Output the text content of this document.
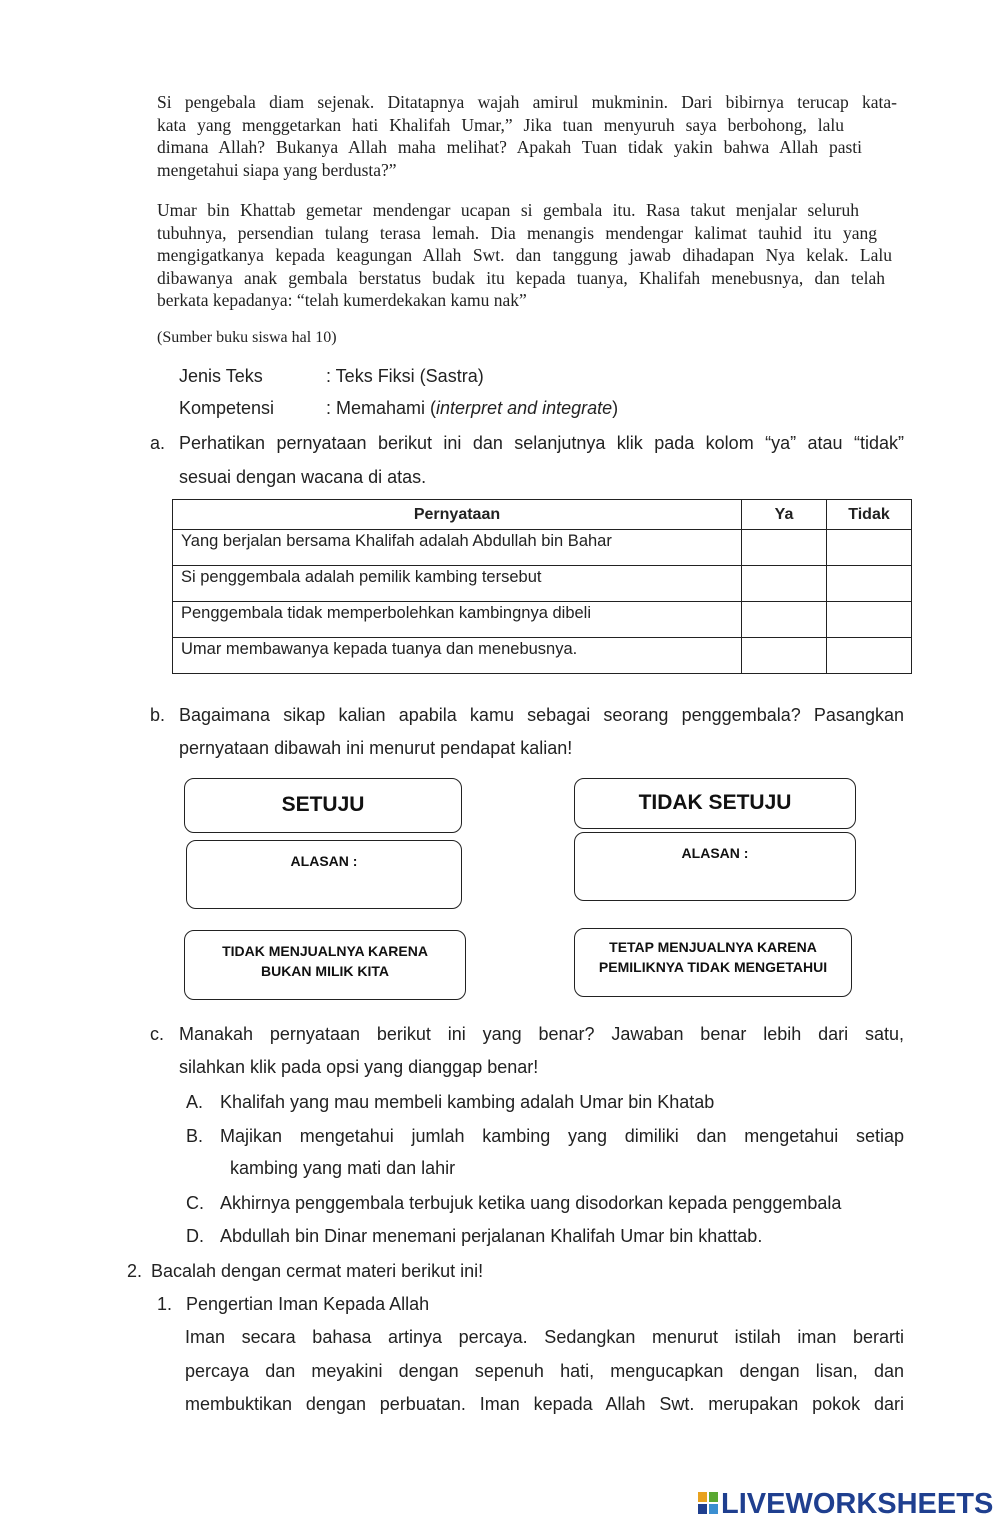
Si pengebala diam sejenak. Ditatapnya wajah amirul mukminin. Dari bibirnya terucap kata-
kata yang menggetarkan hati Khalifah Umar,” Jika tuan menyuruh saya berbohong, lalu
dimana Allah? Bukanya Allah maha melihat? Apakah Tuan tidak yakin bahwa Allah pasti
mengetahui siapa yang berdusta?”
Umar bin Khattab gemetar mendengar ucapan si gembala itu. Rasa takut menjalar seluruh
tubuhnya, persendian tulang terasa lemah. Dia menangis mendengar kalimat tauhid itu yang
mengigatkanya kepada keagungan Allah Swt. dan tanggung jawab dihadapan Nya kelak. Lalu
dibawanya anak gembala berstatus budak itu kepada tuanya, Khalifah menebusnya, dan telah
berkata kepadanya: “telah kumerdekakan kamu nak”
(Sumber buku siswa hal 10)
Jenis Teks	: Teks Fiksi (Sastra)
Kompetensi	: Memahami (interpret and integrate)
a. Perhatikan pernyataan berikut ini dan selanjutnya klik pada kolom “ya” atau “tidak”
sesuai dengan wacana di atas.
Pernyataan	Ya	Tidak
Yang berjalan bersama Khalifah adalah Abdullah bin Bahar		
Si penggembala adalah pemilik kambing tersebut		
Penggembala tidak memperbolehkan kambingnya dibeli		
Umar membawanya kepada tuanya dan menebusnya.		
b. Bagaimana sikap kalian apabila kamu sebagai seorang penggembala? Pasangkan
pernyataan dibawah ini menurut pendapat kalian!
SETUJU	TIDAK SETUJU
ALASAN :	ALASAN :
TIDAK MENJUALNYA KARENA
BUKAN MILIK KITA
TETAP MENJUALNYA KARENA
PEMILIKNYA TIDAK MENGETAHUI
c. Manakah pernyataan berikut ini yang benar? Jawaban benar lebih dari satu,
silahkan klik pada opsi yang dianggap benar!
A. Khalifah yang mau membeli kambing adalah Umar bin Khatab
B. Majikan mengetahui jumlah kambing yang dimiliki dan mengetahui setiap
kambing yang mati dan lahir
C. Akhirnya penggembala terbujuk ketika uang disodorkan kepada penggembala
D. Abdullah bin Dinar menemani perjalanan Khalifah Umar bin khattab.
2. Bacalah dengan cermat materi berikut ini!
1. Pengertian Iman Kepada Allah
Iman secara bahasa artinya percaya. Sedangkan menurut istilah iman berarti
percaya dan meyakini dengan sepenuh hati, mengucapkan dengan lisan, dan
membuktikan dengan perbuatan. Iman kepada Allah Swt. merupakan pokok dari
LIVEWORKSHEETS
